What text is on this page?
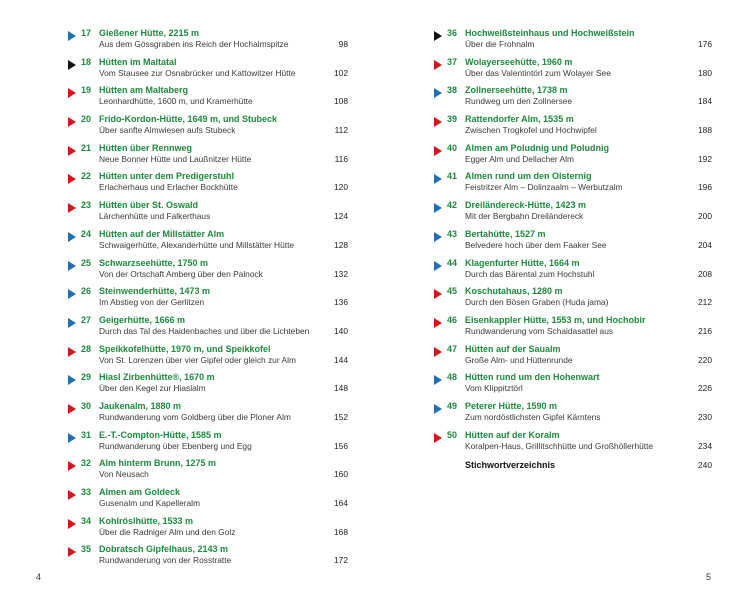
17 Gießener Hütte, 2215 m
Aus dem Gössgraben ins Reich der Hochalmspitze	98
18 Hütten im Maltatal
Vom Stausee zur Osnabrücker und Kattowitzer Hütte	102
19 Hütten am Maltaberg
Leonhardhütte, 1600 m, und Kramerhütte	108
20 Frido-Kordon-Hütte, 1649 m, und Stubeck
Über sanfte Almwiesen aufs Stubeck	112
21 Hütten über Rennweg
Neue Bonner Hütte und Laußnitzer Hütte	116
22 Hütten unter dem Predigerstuhl
Erlacherhaus und Erlacher Bockhütte	120
23 Hütten über St. Oswald
Lärchenhütte und Falkerthaus	124
24 Hütten auf der Millstätter Alm
Schwaigerhütte, Alexanderhütte und Millstätter Hütte	128
25 Schwarzseehütte, 1750 m
Von der Ortschaft Amberg über den Palnock	132
26 Steinwenderhütte, 1473 m
Im Abstieg von der Gerlitzen	136
27 Geigerhütte, 1666 m
Durch das Tal des Haidenbaches und über die Lichteben	140
28 Speikkofelhütte, 1970 m, und Speikkofel
Von St. Lorenzen über vier Gipfel oder gleich zur Alm	144
29 Hiasl Zirbenhütte®, 1670 m
Über den Kegel zur Hiaslalm	148
30 Jaukenalm, 1880 m
Rundwanderung vom Goldberg über die Ploner Alm	152
31 E.-T.-Compton-Hütte, 1585 m
Rundwanderung über Ebenberg und Egg	156
32 Alm hinterm Brunn, 1275 m
Von Neusach	160
33 Almen am Goldeck
Gusenalm und Kapelleralm	164
34 Kohlröslhütte, 1533 m
Über die Radniger Alm und den Golz	168
35 Dobratsch Gipfelhaus, 2143 m
Rundwanderung von der Rosstratte	172
36 Hochweißsteinhaus und Hochweißstein
Über die Frohnalm	176
37 Wolayerseehütte, 1960 m
Über das Valentintörl zum Wolayer See	180
38 Zollnerseehütte, 1738 m
Rundweg um den Zollnersee	184
39 Rattendorfer Alm, 1535 m
Zwischen Trogkofel und Hochwipfel	188
40 Almen am Poludnig und Poludnig
Egger Alm und Dellacher Alm	192
41 Almen rund um den Oisternig
Feistritzer Alm – Dolinzaalm – Werbutzalm	196
42 Dreiländereck-Hütte, 1423 m
Mit der Bergbahn Dreiländereck	200
43 Bertahütte, 1527 m
Belvedere hoch über dem Faaker See	204
44 Klagenfurter Hütte, 1664 m
Durch das Bärental zum Hochstuhl	208
45 Koschutahaus, 1280 m
Durch den Bösen Graben (Huda jama)	212
46 Eisenkappler Hütte, 1553 m, und Hochobir
Rundwanderung vom Schaidasattel aus	216
47 Hütten auf der Saualm
Große Alm- und Hüttenrunde	220
48 Hütten rund um den Hohenwart
Vom Klippitztörl	226
49 Peterer Hütte, 1590 m
Zum nordöstlichsten Gipfel Kärntens	230
50 Hütten auf der Koralm
Koralpen-Haus, Grillitschhütte und Großhöllerhütte	234
Stichwortverzeichnis	240
4	5
